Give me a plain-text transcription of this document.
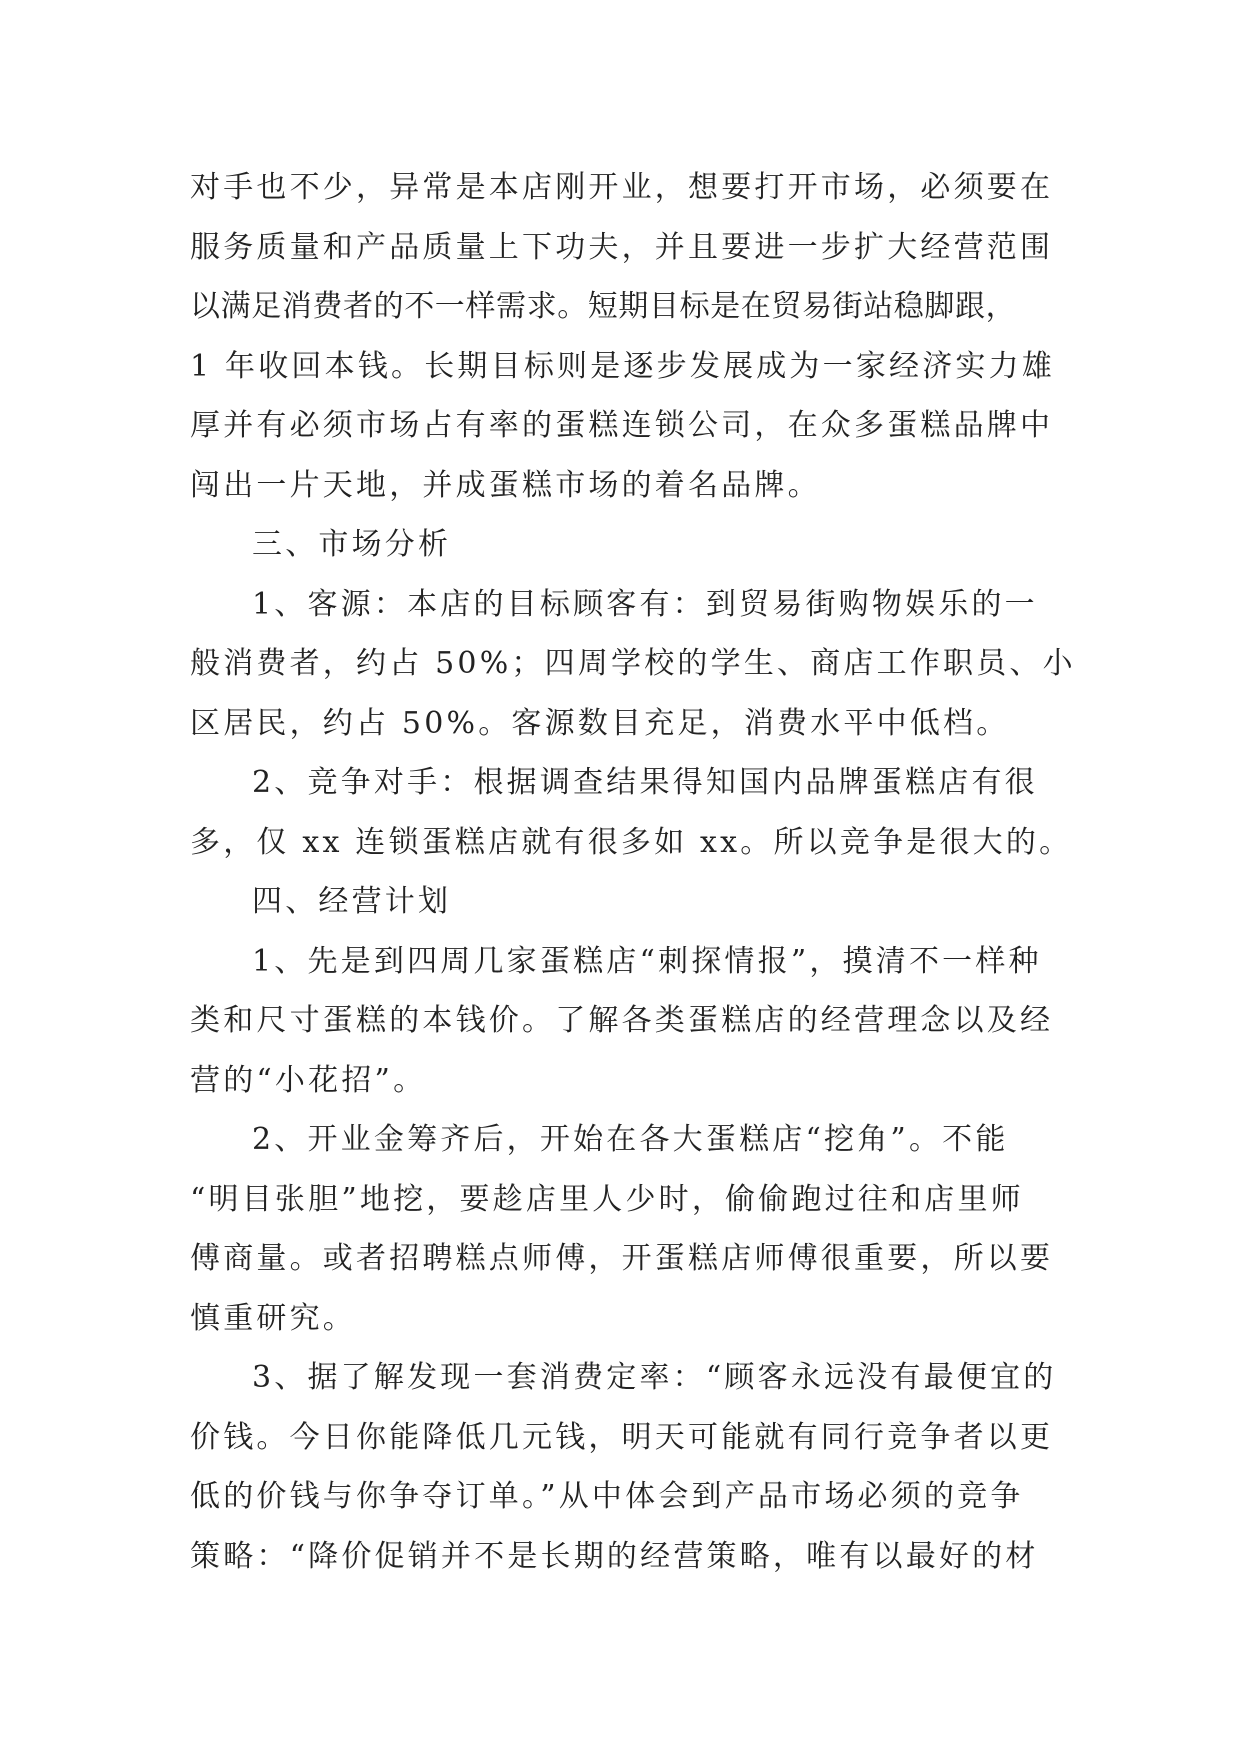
对手也不少，异常是本店刚开业，想要打开市场，必须要在
服务质量和产品质量上下功夫，并且要进一步扩大经营范围
以满足消费者的不一样需求。短期目标是在贸易街站稳脚跟，
1 年收回本钱。长期目标则是逐步发展成为一家经济实力雄
厚并有必须市场占有率的蛋糕连锁公司，在众多蛋糕品牌中
闯出一片天地，并成蛋糕市场的着名品牌。
三、市场分析
1、客源：本店的目标顾客有：到贸易街购物娱乐的一
般消费者，约占 50%；四周学校的学生、商店工作职员、小
区居民，约占 50%。客源数目充足，消费水平中低档。
2、竞争对手：根据调查结果得知国内品牌蛋糕店有很
多，仅 xx 连锁蛋糕店就有很多如 xx。所以竞争是很大的。
四、经营计划
1、先是到四周几家蛋糕店“刺探情报”，摸清不一样种
类和尺寸蛋糕的本钱价。了解各类蛋糕店的经营理念以及经
营的“小花招”。
2、开业金筹齐后，开始在各大蛋糕店“挖角”。不能
“明目张胆”地挖，要趁店里人少时，偷偷跑过往和店里师
傅商量。或者招聘糕点师傅，开蛋糕店师傅很重要，所以要
慎重研究。
3、据了解发现一套消费定率：“顾客永远没有最便宜的
价钱。今日你能降低几元钱，明天可能就有同行竞争者以更
低的价钱与你争夺订单。”从中体会到产品市场必须的竞争
策略：“降价促销并不是长期的经营策略，唯有以最好的材
